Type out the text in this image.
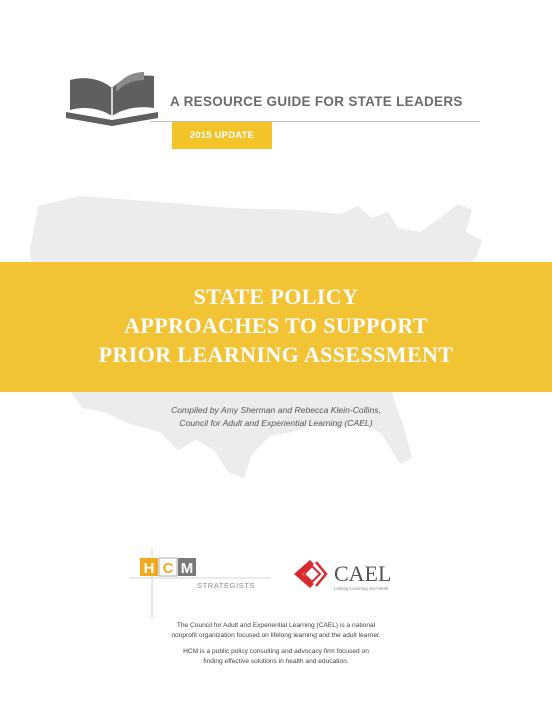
A RESOURCE GUIDE FOR STATE LEADERS
2015 UPDATE
STATE POLICY
APPROACHES TO SUPPORT
PRIOR LEARNING ASSESSMENT
Compiled by Amy Sherman and Rebecca Klein-Collins,
Council for Adult and Experiential Learning (CAEL)
H C M
STRATEGISTS	CAEL
Linking Learning and Work
The Council for Adult and Experiential Learning (CAEL) is a national
nonprofit organization focused on lifelong learning and the adult learner.
HCM is a public policy consulting and advocacy firm focused on
finding effective solutions in health and education.
